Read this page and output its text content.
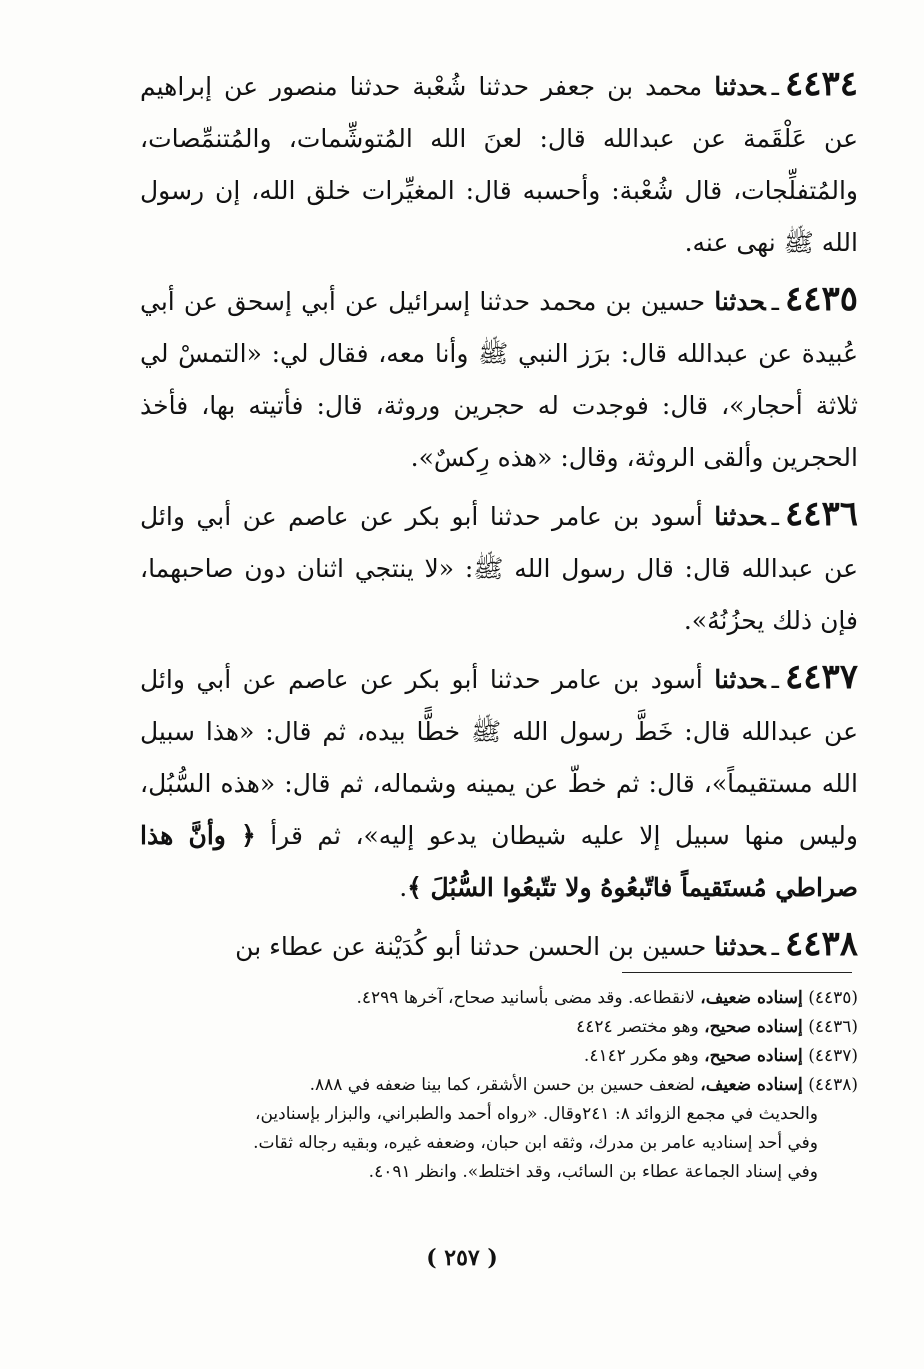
٤٤٣٤ـحدثنا محمد بن جعفر حدثنا شُعْبة حدثنا منصور عن إبراهيم عن عَلْقَمة عن عبدالله قال: لعنَ الله المُتوشِّمات، والمُتنمِّصات، والمُتفلِّجات، قال شُعْبة: وأحسبه قال: المغيِّرات خلق الله، إن رسول الله ﷺ نهى عنه.

٤٤٣٥ـحدثنا حسين بن محمد حدثنا إسرائيل عن أبي إسحق عن أبي عُبيدة عن عبدالله قال: برَز النبي ﷺ وأنا معه، فقال لي: «التمسْ لي ثلاثة أحجار»، قال: فوجدت له حجرين وروثة، قال: فأتيته بها، فأخذ الحجرين وألقى الروثة، وقال: «هذه رِكسٌ».

٤٤٣٦ـحدثنا أسود بن عامر حدثنا أبو بكر عن عاصم عن أبي وائل عن عبدالله قال: قال رسول الله ﷺ: «لا ينتجي اثنان دون صاحبهما، فإن ذلك يحزُنُهُ».

٤٤٣٧ـحدثنا أسود بن عامر حدثنا أبو بكر عن عاصم عن أبي وائل عن عبدالله قال: خَطَّ رسول الله ﷺ خطًّا بيده، ثم قال: «هذا سبيل الله مستقيماً»، قال: ثم خطّ عن يمينه وشماله، ثم قال: «هذه السُّبُل، وليس منها سبيل إلا عليه شيطان يدعو إليه»، ثم قرأ ﴿ وأنَّ هذا صراطي مُستَقيماً فاتّبعُوهُ ولا تتّبعُوا السُّبُلَ ﴾.

٤٤٣٨ـحدثنا حسين بن الحسن حدثنا أبو كُدَيْنة عن عطاء بن

(٤٤٣٥) إسناده ضعيف، لانقطاعه. وقد مضى بأسانيد صحاح، آخرها ٤٢٩٩.

(٤٤٣٦) إسناده صحيح، وهو مختصر ٤٤٢٤

(٤٤٣٧) إسناده صحيح، وهو مكرر ٤١٤٢.

(٤٤٣٨) إسناده ضعيف، لضعف حسين بن حسن الأشقر، كما بينا ضعفه في ٨٨٨.
والحديث في مجمع الزوائد ٨: ٢٤١وقال. «رواه أحمد والطبراني، والبزار بإسنادين،
وفي أحد إسناديه عامر بن مدرك، وثقه ابن حبان، وضعفه غيره، وبقيه رجاله ثقات.
وفي إسناد الجماعة عطاء بن السائب، وقد اختلط». وانظر ٤٠٩١.
( ٢٥٧ )
